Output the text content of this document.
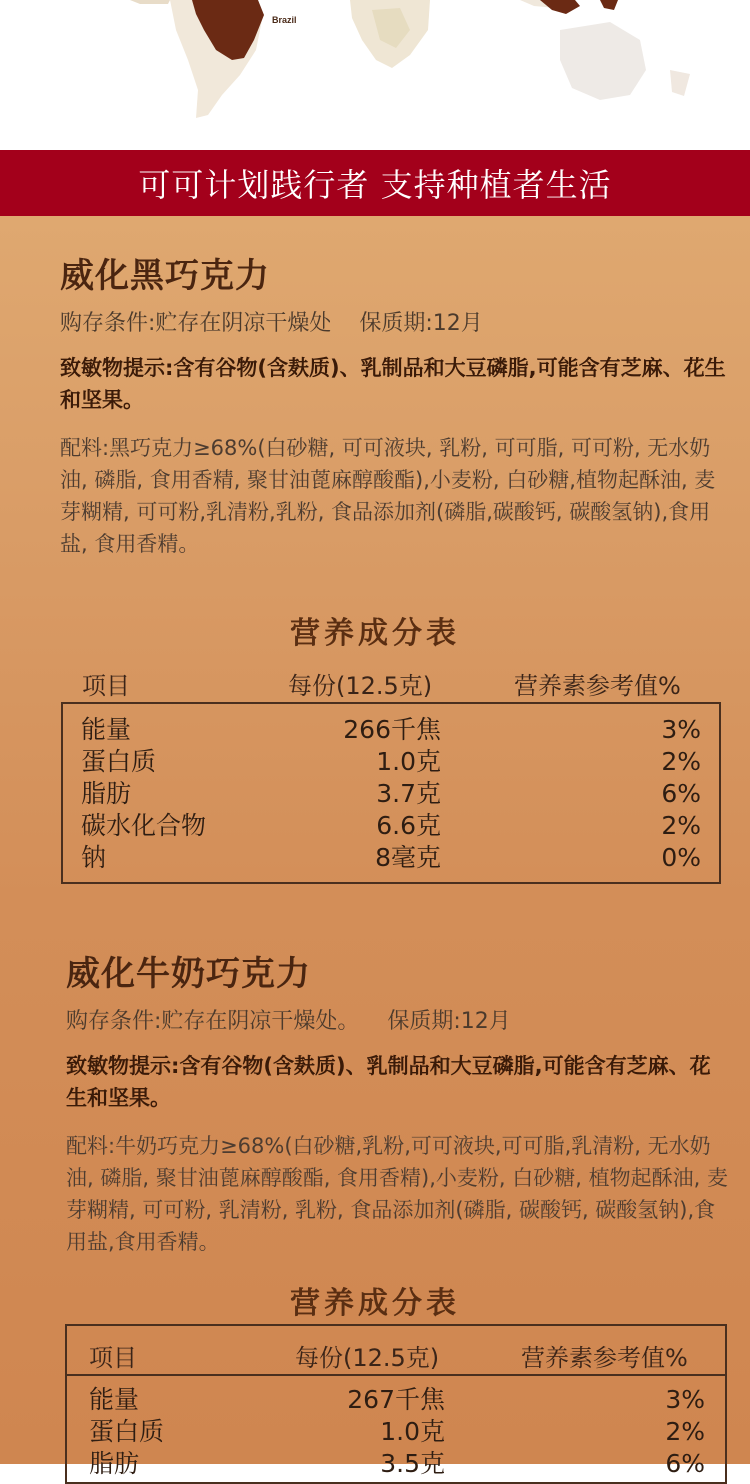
Brazil
可可计划践行者 支持种植者生活
威化黑巧克力
购存条件:贮存在阴凉干燥处    保质期:12月
致敏物提示:含有谷物(含麸质)、乳制品和大豆磷脂,可能含有芝麻、花生和坚果。
配料:黑巧克力≥68%(白砂糖, 可可液块, 乳粉, 可可脂, 可可粉, 无水奶油, 磷脂, 食用香精, 聚甘油蓖麻醇酸酯),小麦粉, 白砂糖,植物起酥油, 麦芽糊精, 可可粉,乳清粉,乳粉, 食品添加剂(磷脂,碳酸钙, 碳酸氢钠),食用盐, 食用香精。
营养成分表
项目	每份(12.5克)	营养素参考值%
能量	266千焦	3%
蛋白质	1.0克	2%
脂肪	3.7克	6%
碳水化合物	6.6克	2%
钠	8毫克	0%
威化牛奶巧克力
购存条件:贮存在阴凉干燥处。    保质期:12月
致敏物提示:含有谷物(含麸质)、乳制品和大豆磷脂,可能含有芝麻、花生和坚果。
配料:牛奶巧克力≥68%(白砂糖,乳粉,可可液块,可可脂,乳清粉, 无水奶油, 磷脂, 聚甘油蓖麻醇酸酯, 食用香精),小麦粉, 白砂糖, 植物起酥油, 麦芽糊精, 可可粉, 乳清粉, 乳粉, 食品添加剂(磷脂, 碳酸钙, 碳酸氢钠),食用盐,食用香精。
营养成分表
项目	每份(12.5克)	营养素参考值%
能量	267千焦	3%
蛋白质	1.0克	2%
脂肪	3.5克	6%
